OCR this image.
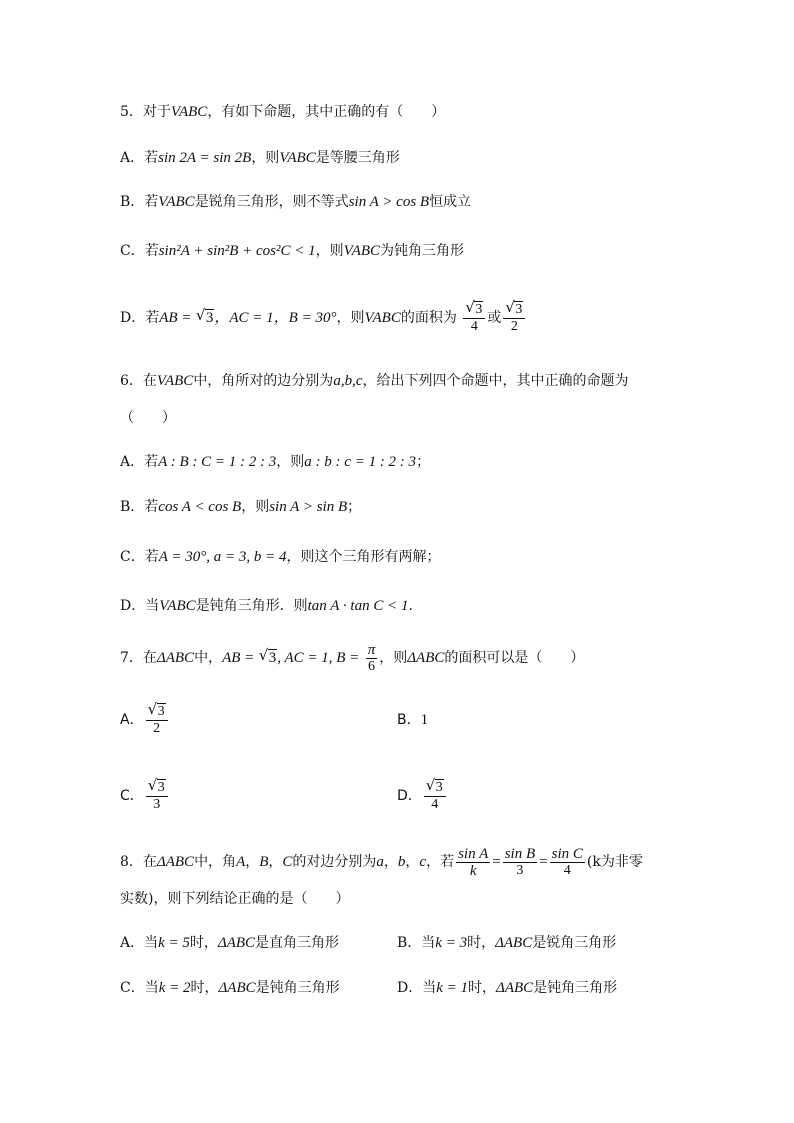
5．对于VABC，有如下命题，其中正确的有（　　）
A．若sin 2A = sin 2B，则VABC是等腰三角形
B．若VABC是锐角三角形，则不等式sin A > cos B恒成立
C．若sin²A + sin²B + cos²C < 1，则VABC为钝角三角形
D．若AB = √ 3，AC = 1，B = 30°，则VABC的面积为 √ $\frac{3}{4}$ 或 √ $\frac{3}{2}$
6．在VABC中，角所对的边分别为a,b,c，给出下列四个命题中，其中正确的命题为
（　　）
A．若A : B : C = 1 : 2 : 3，则a : b : c = 1 : 2 : 3；
B．若cos A < cos B，则sin A > sin B；
C．若A = 30°, a = 3, b = 4，则这个三角形有两解；
D．当VABC是钝角三角形．则tan A · tan C < 1．
7．在ΔABC中，AB = √ 3, AC = 1, $B = \frac{\pi}{6}$ ，则ΔABC的面积可以是（　　）
A． √ $\frac{3}{2}$	B．1
C． √ $\frac{3}{3}$	D． √ $\frac{3}{4}$
8．在ΔABC中，角A，B，C的对边分别为a，b，c，若 $\frac{\text{sin A}}{k} = \frac{\text{sin B}}{3} = \frac{\text{sin C}}{4} (k$为非零
实数)，则下列结论正确的是（　　）
A．当k = 5时，ΔABC是直角三角形	B．当k = 3时，ΔABC是锐角三角形
C．当k = 2时，ΔABC是钝角三角形	D．当k = 1时，ΔABC是钝角三角形
